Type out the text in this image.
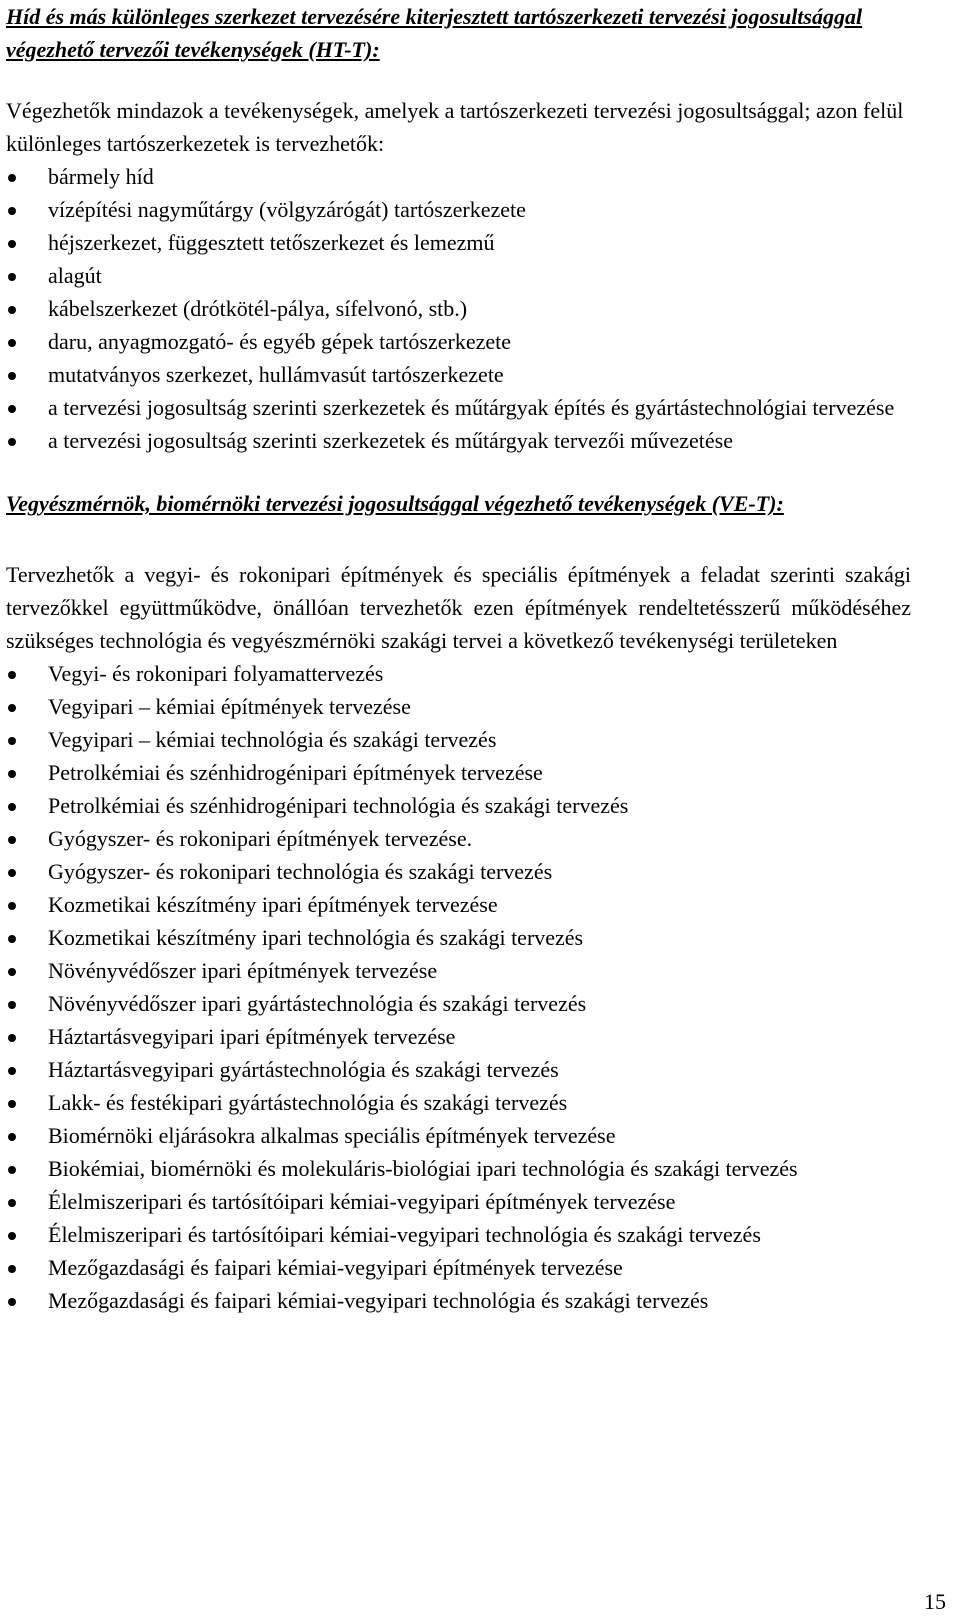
Híd és más különleges szerkezet tervezésére kiterjesztett tartószerkezeti tervezési jogosultsággal végezhető tervezői tevékenységek (HT-T):

Végezhetők mindazok a tevékenységek, amelyek a tartószerkezeti tervezési jogosultsággal; azon felül különleges tartószerkezetek is tervezhetők:

bármely híd
vízépítési nagyműtárgy (völgyzárógát) tartószerkezete
héjszerkezet, függesztett tetőszerkezet és lemezmű
alagút
kábelszerkezet (drótkötél-pálya, sífelvonó, stb.)
daru, anyagmozgató- és egyéb gépek tartószerkezete
mutatványos szerkezet, hullámvasút tartószerkezete
a tervezési jogosultság szerinti szerkezetek és műtárgyak építés és gyártástechnológiai tervezése
a tervezési jogosultság szerinti szerkezetek és műtárgyak tervezői művezetése

Vegyészmérnök, biomérnöki tervezési jogosultsággal végezhető tevékenységek (VE-T):

Tervezhetők a vegyi- és rokonipari építmények és speciális építmények a feladat szerinti szakági tervezőkkel együttműködve, önállóan tervezhetők ezen építmények rendeltetésszerű működéséhez szükséges technológia és vegyészmérnöki szakági tervei a következő tevékenységi területeken

Vegyi- és rokonipari folyamattervezés
Vegyipari – kémiai építmények tervezése
Vegyipari – kémiai technológia és szakági tervezés
Petrolkémiai és szénhidrogénipari építmények tervezése
Petrolkémiai és szénhidrogénipari technológia és szakági tervezés
Gyógyszer- és rokonipari építmények tervezése.
Gyógyszer- és rokonipari technológia és szakági tervezés
Kozmetikai készítmény ipari építmények tervezése
Kozmetikai készítmény ipari technológia és szakági tervezés
Növényvédőszer ipari építmények tervezése
Növényvédőszer ipari gyártástechnológia és szakági tervezés
Háztartásvegyipari ipari építmények tervezése
Háztartásvegyipari gyártástechnológia és szakági tervezés
Lakk- és festékipari gyártástechnológia és szakági tervezés
Biomérnöki eljárásokra alkalmas speciális építmények tervezése
Biokémiai, biomérnöki és molekuláris-biológiai ipari technológia és szakági tervezés
Élelmiszeripari és tartósítóipari kémiai-vegyipari építmények tervezése
Élelmiszeripari és tartósítóipari kémiai-vegyipari technológia és szakági tervezés
Mezőgazdasági és faipari kémiai-vegyipari építmények tervezése
Mezőgazdasági és faipari kémiai-vegyipari technológia és szakági tervezés
15
